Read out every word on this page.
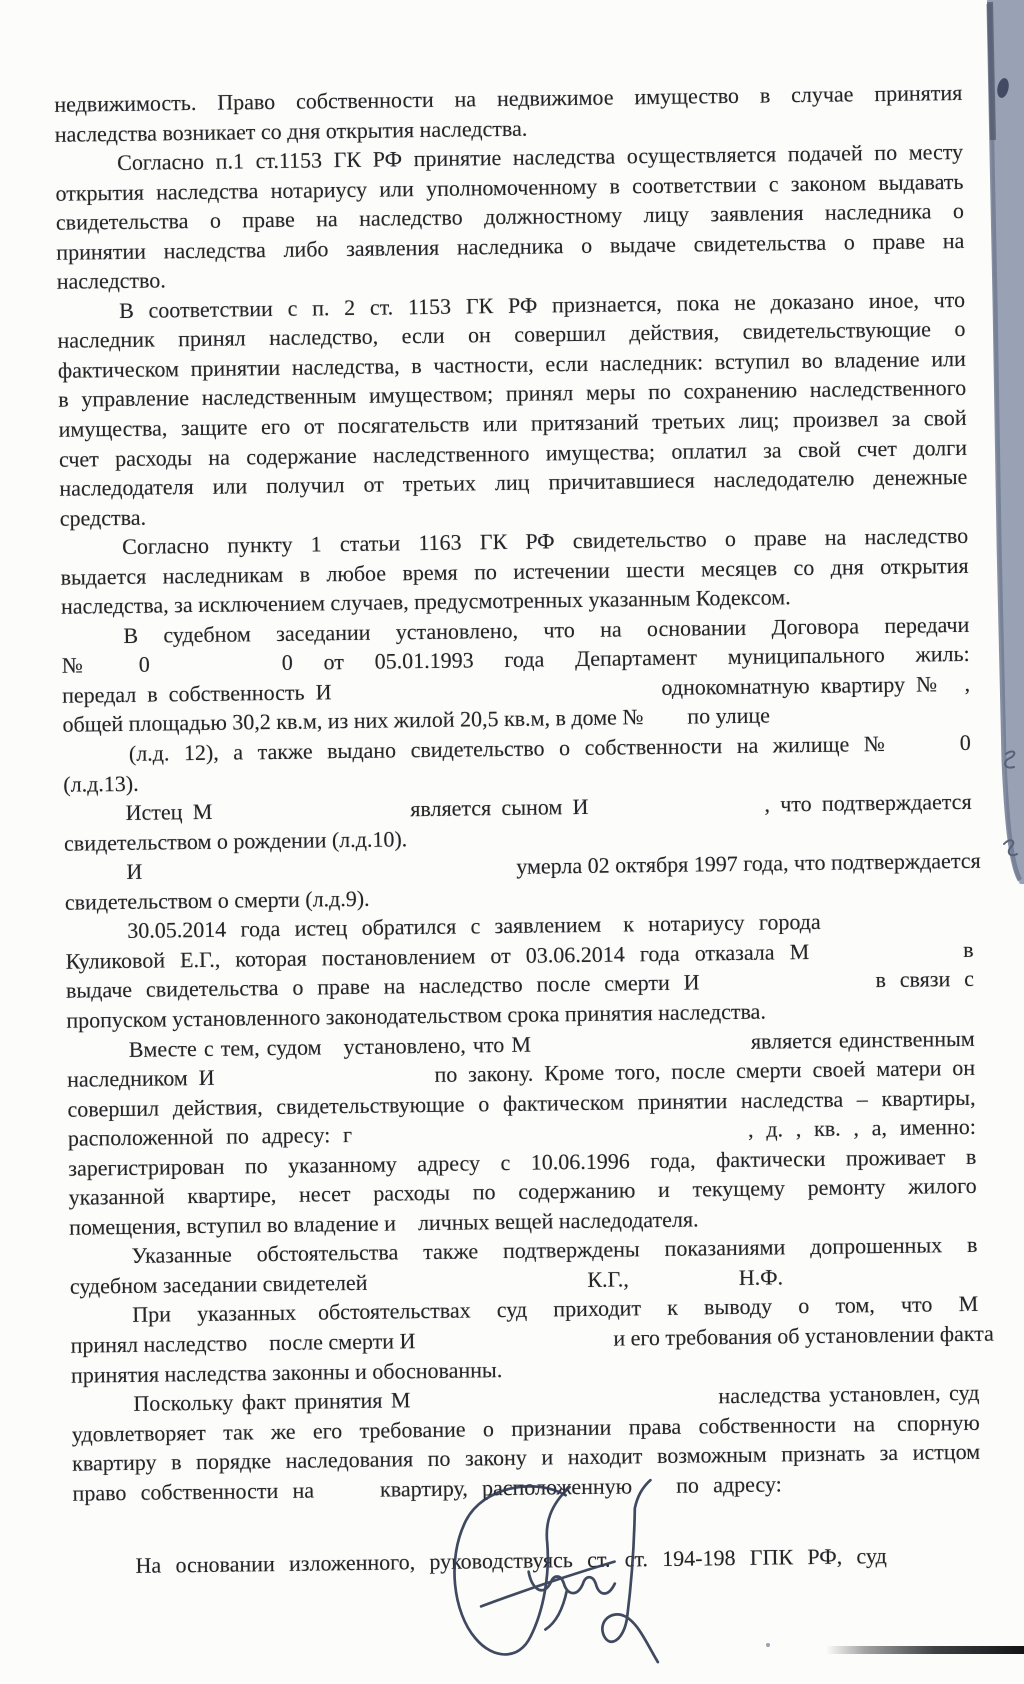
недвижимость. Право собственности на недвижимое имущество в случае принятия
наследства возникает со дня открытия наследства.
Согласно п.1 ст.1153 ГК РФ принятие наследства осуществляется подачей по месту
открытия наследства нотариусу или уполномоченному в соответствии с законом выдавать
свидетельства о праве на наследство должностному лицу заявления наследника о
принятии наследства либо заявления наследника о выдаче свидетельства о праве на
наследство.
В соответствии с п. 2 ст. 1153 ГК РФ признается, пока не доказано иное, что
наследник принял наследство, если он совершил действия, свидетельствующие о
фактическом принятии наследства, в частности, если наследник: вступил во владение или
в управление наследственным имуществом; принял меры по сохранению наследственного
имущества, защите его от посягательств или притязаний третьих лиц; произвел за свой
счет расходы на содержание наследственного имущества; оплатил за свой счет долги
наследодателя или получил от третьих лиц причитавшиеся наследодателю денежные
средства.
Согласно пункту 1 статьи 1163 ГК РФ свидетельство о праве на наследство
выдается наследникам в любое время по истечении шести месяцев со дня открытия
наследства, за исключением случаев, предусмотренных указанным Кодексом.
В судебном заседании установлено, что на основании Договора передачи
№ 0      0 от 05.01.1993 года Департамент муниципального жиль:
передал в собственность И               однокомнатную квартиру № ,
общей площадью 30,2 кв.м, из них жилой 20,5 кв.м, в доме №  по улице
   (л.д. 12), а также выдано свидетельство о собственности на жилище №   0
(л.д.13).
Истец М         является сыном И        , что подтверждается
свидетельством о рождении (л.д.10).
И                 умерла 02 октября 1997 года, что подтверждается
свидетельством о смерти (л.д.9).
30.05.2014 года истец обратился с заявлением к нотариусу города
Куликовой Е.Г., которая постановлением от 03.06.2014 года отказала М       в
выдаче свидетельства о праве на наследство после смерти И        в связи с
пропуском установленного законодательством срока принятия наследства.
Вместе с тем, судом установлено, что М          является единственным
наследником И          по закону. Кроме того, после смерти своей матери он
совершил действия, свидетельствующие о фактическом принятии наследства – квартиры,
расположенной по адресу: г                  , д. , кв. , а, именно:
зарегистрирован по указанному адресу с 10.06.1996 года, фактически проживает в
указанной квартире, несет расходы по содержанию и текущему ремонту жилого
помещения, вступил во владение и личных вещей наследодателя.
Указанные обстоятельства также подтверждены показаниями допрошенных в
судебном заседании свидетелей          К.Г.,     Н.Ф.
При указанных обстоятельствах суд приходит к выводу о том, что М
принял наследство после смерти И         и его требования об установлении факта
принятия наследства законны и обоснованны.
Поскольку факт принятия М              наследства установлен, суд
удовлетворяет так же его требование о признании права собственности на спорную
квартиру в порядке наследования по закону и находит возможным признать за истцом
право собственности на   квартиру, расположенную  по адресу:
На основании изложенного, руководствуясь ст. ст. 194-198 ГПК РФ, суд
